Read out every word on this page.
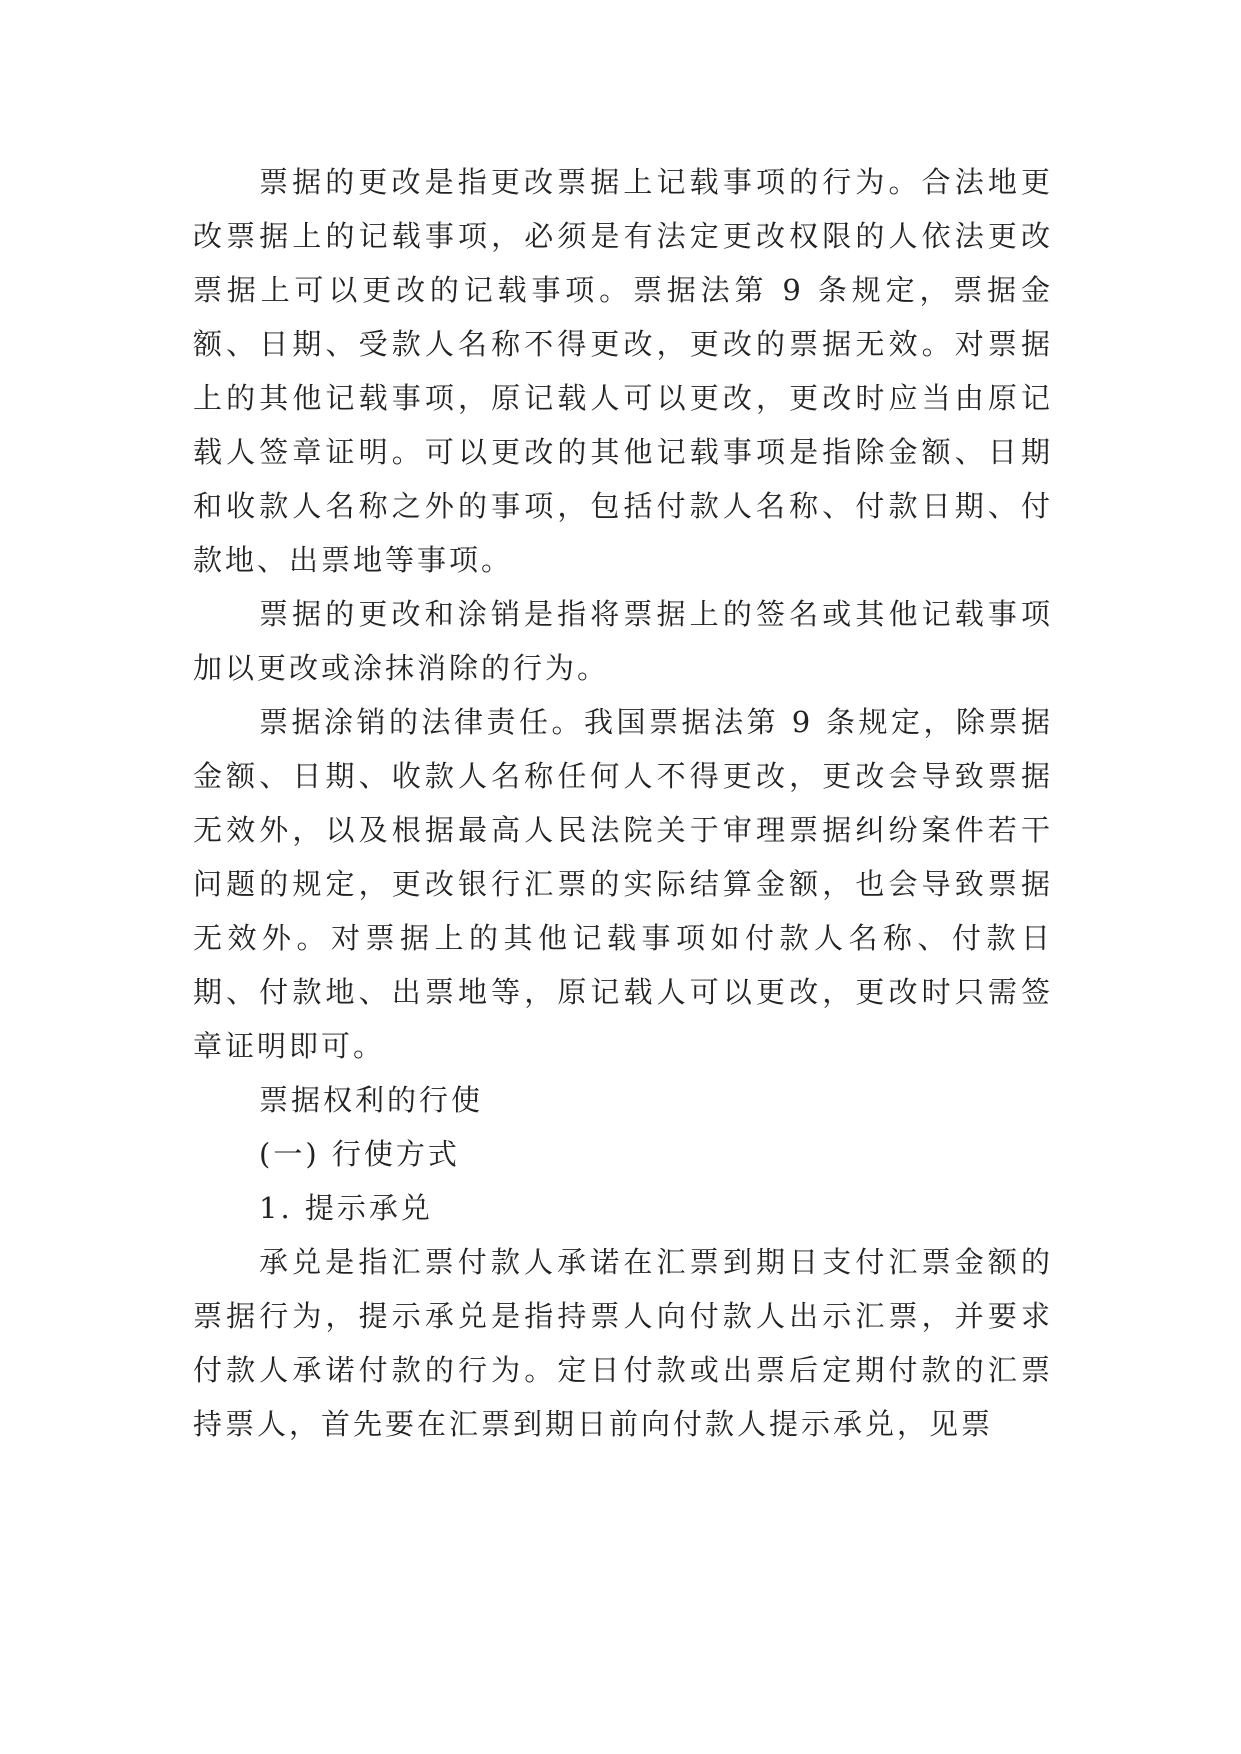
票据的更改是指更改票据上记载事项的行为。合法地更改票据上的记载事项，必须是有法定更改权限的人依法更改票据上可以更改的记载事项。票据法第 9 条规定，票据金额、日期、受款人名称不得更改，更改的票据无效。对票据上的其他记载事项，原记载人可以更改，更改时应当由原记载人签章证明。可以更改的其他记载事项是指除金额、日期和收款人名称之外的事项，包括付款人名称、付款日期、付款地、出票地等事项。

票据的更改和涂销是指将票据上的签名或其他记载事项加以更改或涂抹消除的行为。

票据涂销的法律责任。我国票据法第 9 条规定，除票据金额、日期、收款人名称任何人不得更改，更改会导致票据无效外，以及根据最高人民法院关于审理票据纠纷案件若干问题的规定，更改银行汇票的实际结算金额，也会导致票据无效外。对票据上的其他记载事项如付款人名称、付款日期、付款地、出票地等，原记载人可以更改，更改时只需签章证明即可。

票据权利的行使

(一) 行使方式

1. 提示承兑

承兑是指汇票付款人承诺在汇票到期日支付汇票金额的票据行为，提示承兑是指持票人向付款人出示汇票，并要求付款人承诺付款的行为。定日付款或出票后定期付款的汇票持票人，首先要在汇票到期日前向付款人提示承兑，见票
